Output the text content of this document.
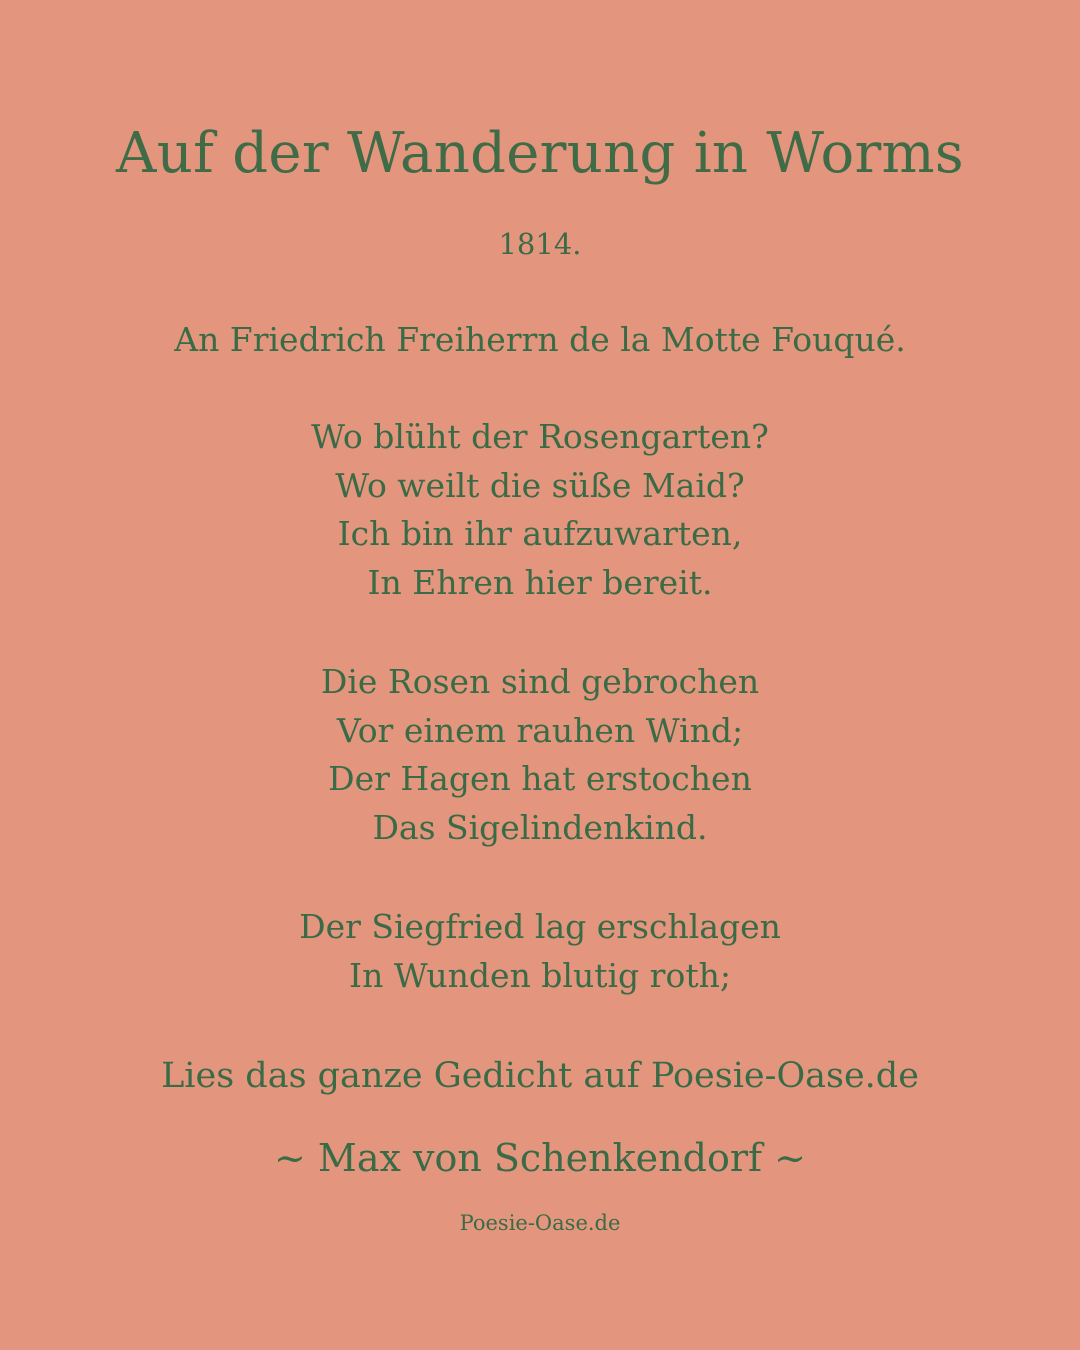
Auf der Wanderung in Worms
1814.
An Friedrich Freiherrn de la Motte Fouqué.
Wo blüht der Rosengarten?
Wo weilt die süße Maid?
Ich bin ihr aufzuwarten,
In Ehren hier bereit.
Die Rosen sind gebrochen
Vor einem rauhen Wind;
Der Hagen hat erstochen
Das Sigelindenkind.
Der Siegfried lag erschlagen
In Wunden blutig roth;
Lies das ganze Gedicht auf Poesie-Oase.de
~ Max von Schenkendorf ~
Poesie-Oase.de
